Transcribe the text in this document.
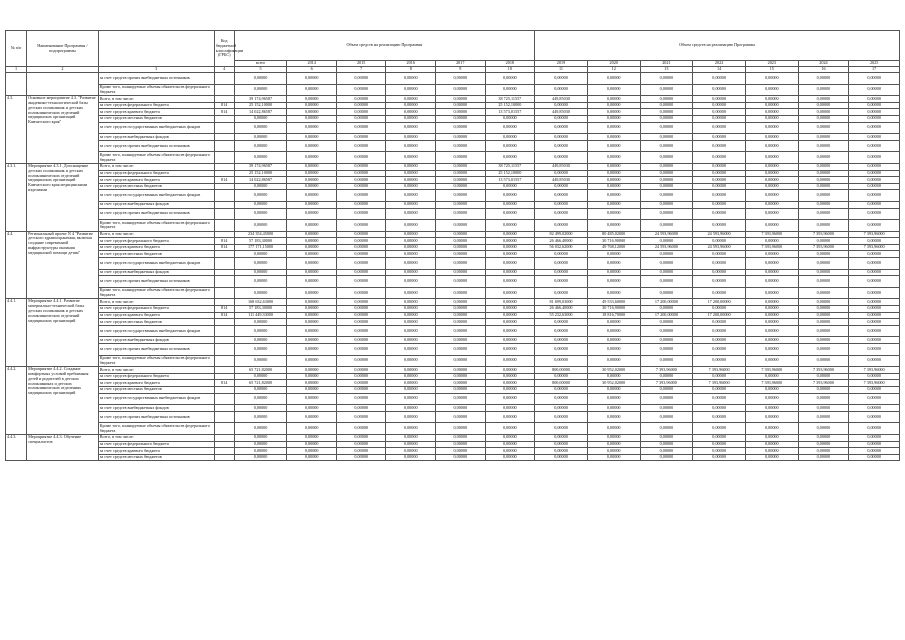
№ п/п	Наименование Программы / подпрограммы		Код бюджетной классификации (ГРБС)	Объем средств на реализацию Программы						Объем средств на реализацию Программы						
				всего	2014	2015	2016	2017	2018	2019	2020	2021	2022	2023	2024	2025
1	2	3	4	5	6	7	8	9	10	11	12	13	14	15	16	17
		за счет средств прочих внебюджетных источников		0,00000	0,00000	0,00000	0,00000	0,00000	0,00000	0,00000	0,00000	0,00000	0,00000	0,00000	0,00000	0,00000
		Кроме того, планируемые объемы обязательств федерального бюджета		0,00000	0,00000	0,00000	0,00000	0,00000	0,00000	0,00000	0,00000	0,00000	0,00000	0,00000	0,00000	0,00000
4.3.	Основное мероприятие 4.3. "Развитие академико-технологической базы детских поликлиник и детских поликлинических отделений медицинских организаций Камчатского края"	Всего, в том числе:		39 174,96587	0,00000	0,00000	0,00000	0,00000	38 725,11557	449,85030	0,00000	0,00000	0,00000	0,00000	0,00000	0,00000
		за счет средств федерального бюджета	814	25 152,10000	0,00000	0,00000	0,00000	0,00000	25 152,10000	0,00000	0,00000	0,00000	0,00000	0,00000	0,00000	0,00000
		за счет средств краевого бюджета	814	14 022,86587	0,00000	0,00000	0,00000	0,00000	13 573,01557	449,85030	0,00000	0,00000	0,00000	0,00000	0,00000	0,00000
		за счет средств местных бюджетов		0,00000	0,00000	0,00000	0,00000	0,00000	0,00000	0,00000	0,00000	0,00000	0,00000	0,00000	0,00000	0,00000
		за счет средств государственных внебюджетных фондов		0,00000	0,00000	0,00000	0,00000	0,00000	0,00000	0,00000	0,00000	0,00000	0,00000	0,00000	0,00000	0,00000
		за счет средств внебюджетных фондов		0,00000	0,00000	0,00000	0,00000	0,00000	0,00000	0,00000	0,00000	0,00000	0,00000	0,00000	0,00000	0,00000
		за счет средств прочих внебюджетных источников		0,00000	0,00000	0,00000	0,00000	0,00000	0,00000	0,00000	0,00000	0,00000	0,00000	0,00000	0,00000	0,00000
		Кроме того, планируемые объемы обязательств федерального бюджета		0,00000	0,00000	0,00000	0,00000	0,00000	0,00000	0,00000	0,00000	0,00000	0,00000	0,00000	0,00000	0,00000
4.3.1.	Мероприятие 4.3.1. Дооснащение детских поликлиник и детских поликлинических отделений медицинских организаций Камчатского края медицинскими изделиями	Всего, в том числе:		39 174,96587	0,00000	0,00000	0,00000	0,00000	38 725,11557	449,85030	0,00000	0,00000	0,00000	0,00000	0,00000	0,00000
		за счет средств федерального бюджета		25 152,10000	0,00000	0,00000	0,00000	0,00000	25 152,10000	0,00000	0,00000	0,00000	0,00000	0,00000	0,00000	0,00000
		за счет средств краевого бюджета	814	14 022,86587	0,00000	0,00000	0,00000	0,00000	13 573,01557	449,85030	0,00000	0,00000	0,00000	0,00000	0,00000	0,00000
		за счет средств местных бюджетов		0,00000	0,00000	0,00000	0,00000	0,00000	0,00000	0,00000	0,00000	0,00000	0,00000	0,00000	0,00000	0,00000
		за счет средств государственных внебюджетных фондов		0,00000	0,00000	0,00000	0,00000	0,00000	0,00000	0,00000	0,00000	0,00000	0,00000	0,00000	0,00000	0,00000
		за счет средств внебюджетных фондов		0,00000	0,00000	0,00000	0,00000	0,00000	0,00000	0,00000	0,00000	0,00000	0,00000	0,00000	0,00000	0,00000
		за счет средств прочих внебюджетных источников		0,00000	0,00000	0,00000	0,00000	0,00000	0,00000	0,00000	0,00000	0,00000	0,00000	0,00000	0,00000	0,00000
		Кроме того, планируемые объемы обязательств федерального бюджета		0,00000	0,00000	0,00000	0,00000	0,00000	0,00000	0,00000	0,00000	0,00000	0,00000	0,00000	0,00000	0,00000
4.4.	Региональный проект N 4 "Развитие детского здравоохранения, включая создание современной инфраструктуры оказания медицинской помощи детям"	Всего, в том числе:		234 354,45000	0,00000	0,00000	0,00000	0,00000	0,00000	82 499,02000	80 485,02000	24 593,96000	24 593,96000	7 393,96000	7 393,96000	7 393,96000
		за счет средств федерального бюджета	814	57 183,30000	0,00000	0,00000	0,00000	0,00000	0,00000	26 466,40000	30 716,90000	0,00000	0,00000	0,00000	0,00000	0,00000
		за счет средств краевого бюджета	814	177 171,15000	0,00000	0,00000	0,00000	0,00000	0,00000	56 032,62000	49 768,12000	24 593,96000	24 593,96000	7 393,96000	7 393,96000	7 393,96000
		за счет средств местных бюджетов		0,00000	0,00000	0,00000	0,00000	0,00000	0,00000	0,00000	0,00000	0,00000	0,00000	0,00000	0,00000	0,00000
		за счет средств государственных внебюджетных фондов		0,00000	0,00000	0,00000	0,00000	0,00000	0,00000	0,00000	0,00000	0,00000	0,00000	0,00000	0,00000	0,00000
		за счет средств внебюджетных фондов		0,00000	0,00000	0,00000	0,00000	0,00000	0,00000	0,00000	0,00000	0,00000	0,00000	0,00000	0,00000	0,00000
		за счет средств прочих внебюджетных источников		0,00000	0,00000	0,00000	0,00000	0,00000	0,00000	0,00000	0,00000	0,00000	0,00000	0,00000	0,00000	0,00000
		Кроме того, планируемые объемы обязательств федерального бюджета		0,00000	0,00000	0,00000	0,00000	0,00000	0,00000	0,00000	0,00000	0,00000	0,00000	0,00000	0,00000	0,00000
4.4.1.	Мероприятие 4.4.1. Развитие материально-технической базы детских поликлиник и детских поликлинических отделений медицинских организаций	Всего, в том числе:		168 632,63000	0,00000	0,00000	0,00000	0,00000	0,00000	81 699,03000	49 533,60000	17 200,00000	17 200,00000	0,00000	0,00000	0,00000
		за счет средств федерального бюджета	814	57 183,30000	0,00000	0,00000	0,00000	0,00000	0,00000	26 466,40000	30 716,90000	0,00000	0,00000	0,00000	0,00000	0,00000
		за счет средств краевого бюджета	814	111 449,33000	0,00000	0,00000	0,00000	0,00000	0,00000	55 232,63000	18 816,70000	17 200,00000	17 200,00000	0,00000	0,00000	0,00000
		за счет средств местных бюджетов		0,00000	0,00000	0,00000	0,00000	0,00000	0,00000	0,00000	0,00000	0,00000	0,00000	0,00000	0,00000	0,00000
		за счет средств государственных внебюджетных фондов		0,00000	0,00000	0,00000	0,00000	0,00000	0,00000	0,00000	0,00000	0,00000	0,00000	0,00000	0,00000	0,00000
		за счет средств внебюджетных фондов		0,00000	0,00000	0,00000	0,00000	0,00000	0,00000	0,00000	0,00000	0,00000	0,00000	0,00000	0,00000	0,00000
		за счет средств прочих внебюджетных источников		0,00000	0,00000	0,00000	0,00000	0,00000	0,00000	0,00000	0,00000	0,00000	0,00000	0,00000	0,00000	0,00000
		Кроме того, планируемые объемы обязательств федерального бюджета		0,00000	0,00000	0,00000	0,00000	0,00000	0,00000	0,00000	0,00000	0,00000	0,00000	0,00000	0,00000	0,00000
4.4.2.	Мероприятие 4.4.2. Создание комфортных условий пребывания детей и родителей в детских поликлиниках и детских поликлинических отделениях медицинских организаций	Всего, в том числе:		65 721,82000	0,00000	0,00000	0,00000	0,00000	0,00000	800,00000	30 952,02000	7 393,96000	7 393,96000	7 393,96000	7 393,96000	7 393,96000
		за счет средств федерального бюджета		0,00000	0,00000	0,00000	0,00000	0,00000	0,00000	0,00000	0,00000	0,00000	0,00000	0,00000	0,00000	0,00000
		за счет средств краевого бюджета	814	65 721,82000	0,00000	0,00000	0,00000	0,00000	0,00000	800,00000	30 952,02000	7 393,96000	7 393,96000	7 393,96000	7 393,96000	7 393,96000
		за счет средств местных бюджетов		0,00000	0,00000	0,00000	0,00000	0,00000	0,00000	0,00000	0,00000	0,00000	0,00000	0,00000	0,00000	0,00000
		за счет средств государственных внебюджетных фондов		0,00000	0,00000	0,00000	0,00000	0,00000	0,00000	0,00000	0,00000	0,00000	0,00000	0,00000	0,00000	0,00000
		за счет средств внебюджетных фондов		0,00000	0,00000	0,00000	0,00000	0,00000	0,00000	0,00000	0,00000	0,00000	0,00000	0,00000	0,00000	0,00000
		за счет средств прочих внебюджетных источников		0,00000	0,00000	0,00000	0,00000	0,00000	0,00000	0,00000	0,00000	0,00000	0,00000	0,00000	0,00000	0,00000
		Кроме того, планируемые объемы обязательств федерального бюджета		0,00000	0,00000	0,00000	0,00000	0,00000	0,00000	0,00000	0,00000	0,00000	0,00000	0,00000	0,00000	0,00000
4.4.3.	Мероприятие 4.4.3. Обучение специалистов	Всего, в том числе:		0,00000	0,00000	0,00000	0,00000	0,00000	0,00000	0,00000	0,00000	0,00000	0,00000	0,00000	0,00000	0,00000
		за счет средств федерального бюджета		0,00000	0,00000	0,00000	0,00000	0,00000	0,00000	0,00000	0,00000	0,00000	0,00000	0,00000	0,00000	0,00000
		за счет средств краевого бюджета		0,00000	0,00000	0,00000	0,00000	0,00000	0,00000	0,00000	0,00000	0,00000	0,00000	0,00000	0,00000	0,00000
		за счет средств местных бюджетов		0,00000	0,00000	0,00000	0,00000	0,00000	0,00000	0,00000	0,00000	0,00000	0,00000	0,00000	0,00000	0,00000
